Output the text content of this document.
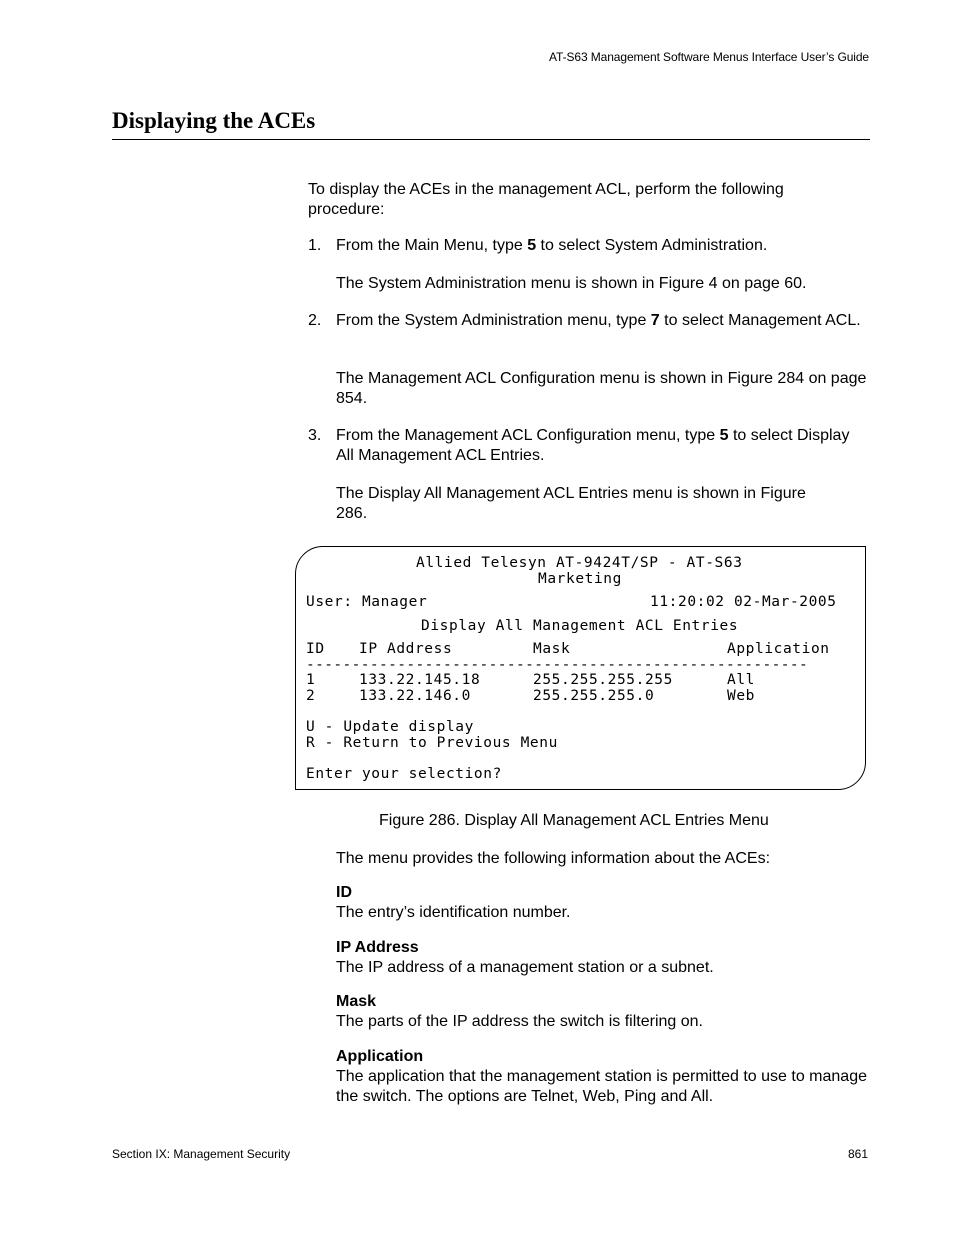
AT-S63 Management Software Menus Interface User’s Guide
Displaying the ACEs
To display the ACEs in the management ACL, perform the following procedure:
1. From the Main Menu, type 5 to select System Administration.
The System Administration menu is shown in Figure 4 on page 60.
2. From the System Administration menu, type 7 to select Management ACL.
The Management ACL Configuration menu is shown in Figure 284 on page 854.
3. From the Management ACL Configuration menu, type 5 to select Display All Management ACL Entries.
The Display All Management ACL Entries menu is shown in Figure 286.
Allied Telesyn AT-9424T/SP - AT-S63
Marketing
User: Manager	11:20:02 02-Mar-2005
Display All Management ACL Entries
ID IP Address	Mask	Application
-------------------------------------------------------
1	133.22.145.18	255.255.255.255	All
2	133.22.146.0	255.255.255.0	Web
U - Update display
R - Return to Previous Menu
Enter your selection?
Figure 286. Display All Management ACL Entries Menu
The menu provides the following information about the ACEs:
ID
The entry’s identification number.
IP Address
The IP address of a management station or a subnet.
Mask
The parts of the IP address the switch is filtering on.
Application
The application that the management station is permitted to use to manage the switch. The options are Telnet, Web, Ping and All.
Section IX: Management Security	861
